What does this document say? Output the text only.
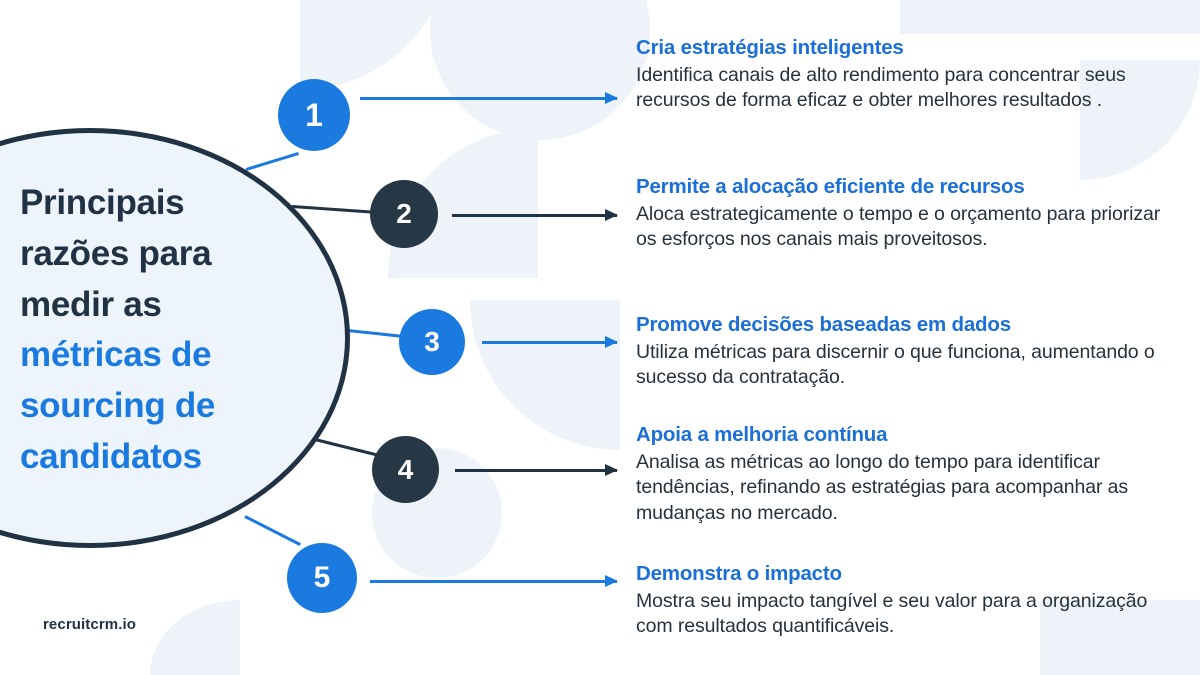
Principais
razões para
medir as
métricas de
sourcing de
candidatos
1
2
3
4
5

Cria estratégias inteligentes

Identifica canais de alto rendimento para concentrar seus recursos de forma eficaz e obter melhores resultados .

Permite a alocação eficiente de recursos

Aloca estrategicamente o tempo e o orçamento para priorizar os esforços nos canais mais proveitosos.

Promove decisões baseadas em dados

Utiliza métricas para discernir o que funciona, aumentando o sucesso da contratação.

Apoia a melhoria contínua

Analisa as métricas ao longo do tempo para identificar tendências, refinando as estratégias para acompanhar as mudanças no mercado.

Demonstra o impacto

Mostra seu impacto tangível e seu valor para a organização com resultados quantificáveis.

recruitcrm.io
